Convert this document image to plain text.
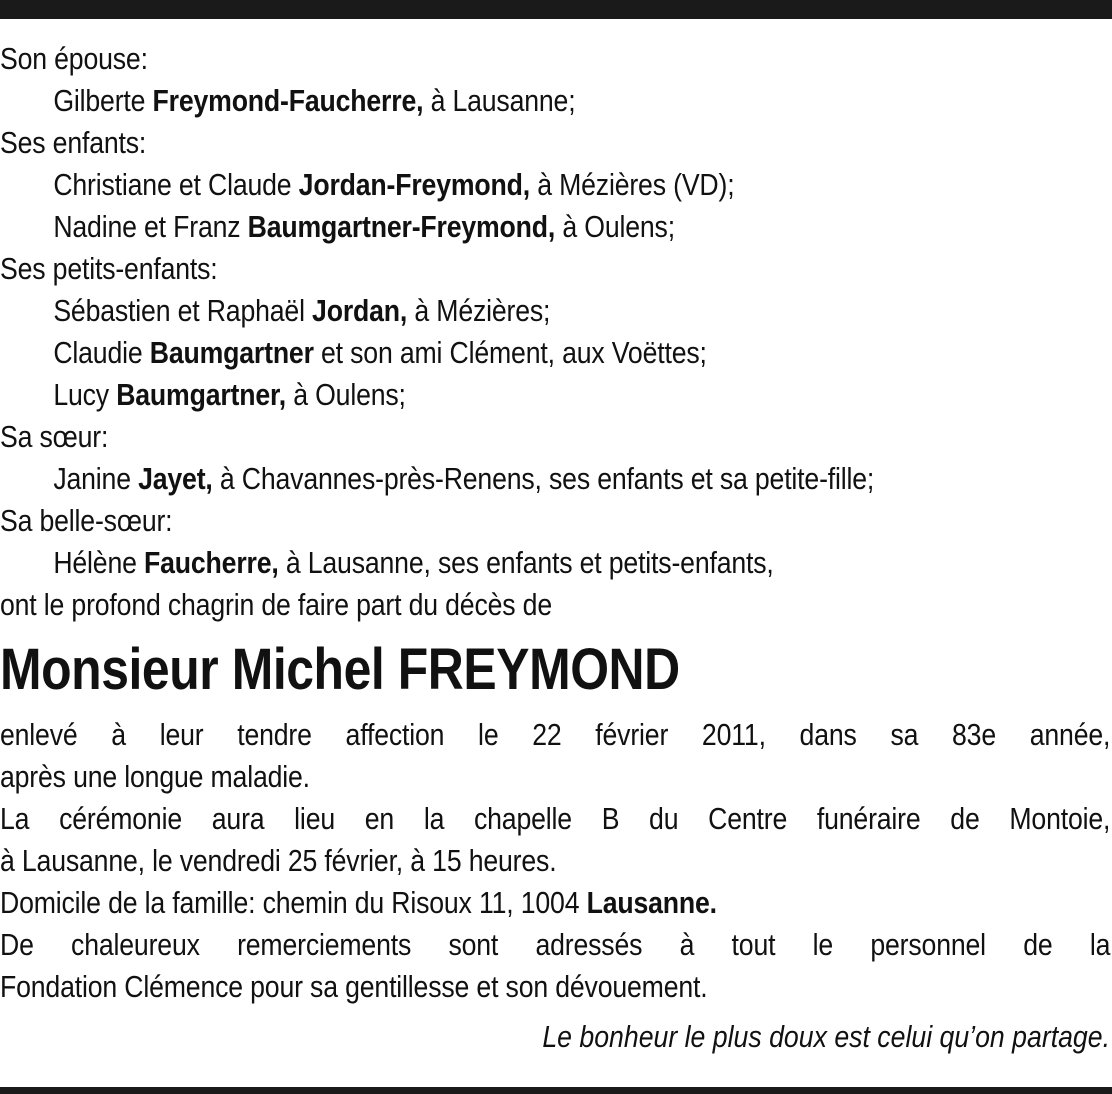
Son épouse:
Gilberte Freymond-Faucherre, à Lausanne;
Ses enfants:
Christiane et Claude Jordan-Freymond, à Mézières (VD);
Nadine et Franz Baumgartner-Freymond, à Oulens;
Ses petits-enfants:
Sébastien et Raphaël Jordan, à Mézières;
Claudie Baumgartner et son ami Clément, aux Voëttes;
Lucy Baumgartner, à Oulens;
Sa sœur:
Janine Jayet, à Chavannes-près-Renens, ses enfants et sa petite-fille;
Sa belle-sœur:
Hélène Faucherre, à Lausanne, ses enfants et petits-enfants,
ont le profond chagrin de faire part du décès de
Monsieur Michel FREYMOND
enlevé à leur tendre affection le 22 février 2011, dans sa 83e année,
après une longue maladie.
La cérémonie aura lieu en la chapelle B du Centre funéraire de Montoie,
à Lausanne, le vendredi 25 février, à 15 heures.
Domicile de la famille: chemin du Risoux 11, 1004 Lausanne.
De chaleureux remerciements sont adressés à tout le personnel de la
Fondation Clémence pour sa gentillesse et son dévouement.
Le bonheur le plus doux est celui qu’on partage.
